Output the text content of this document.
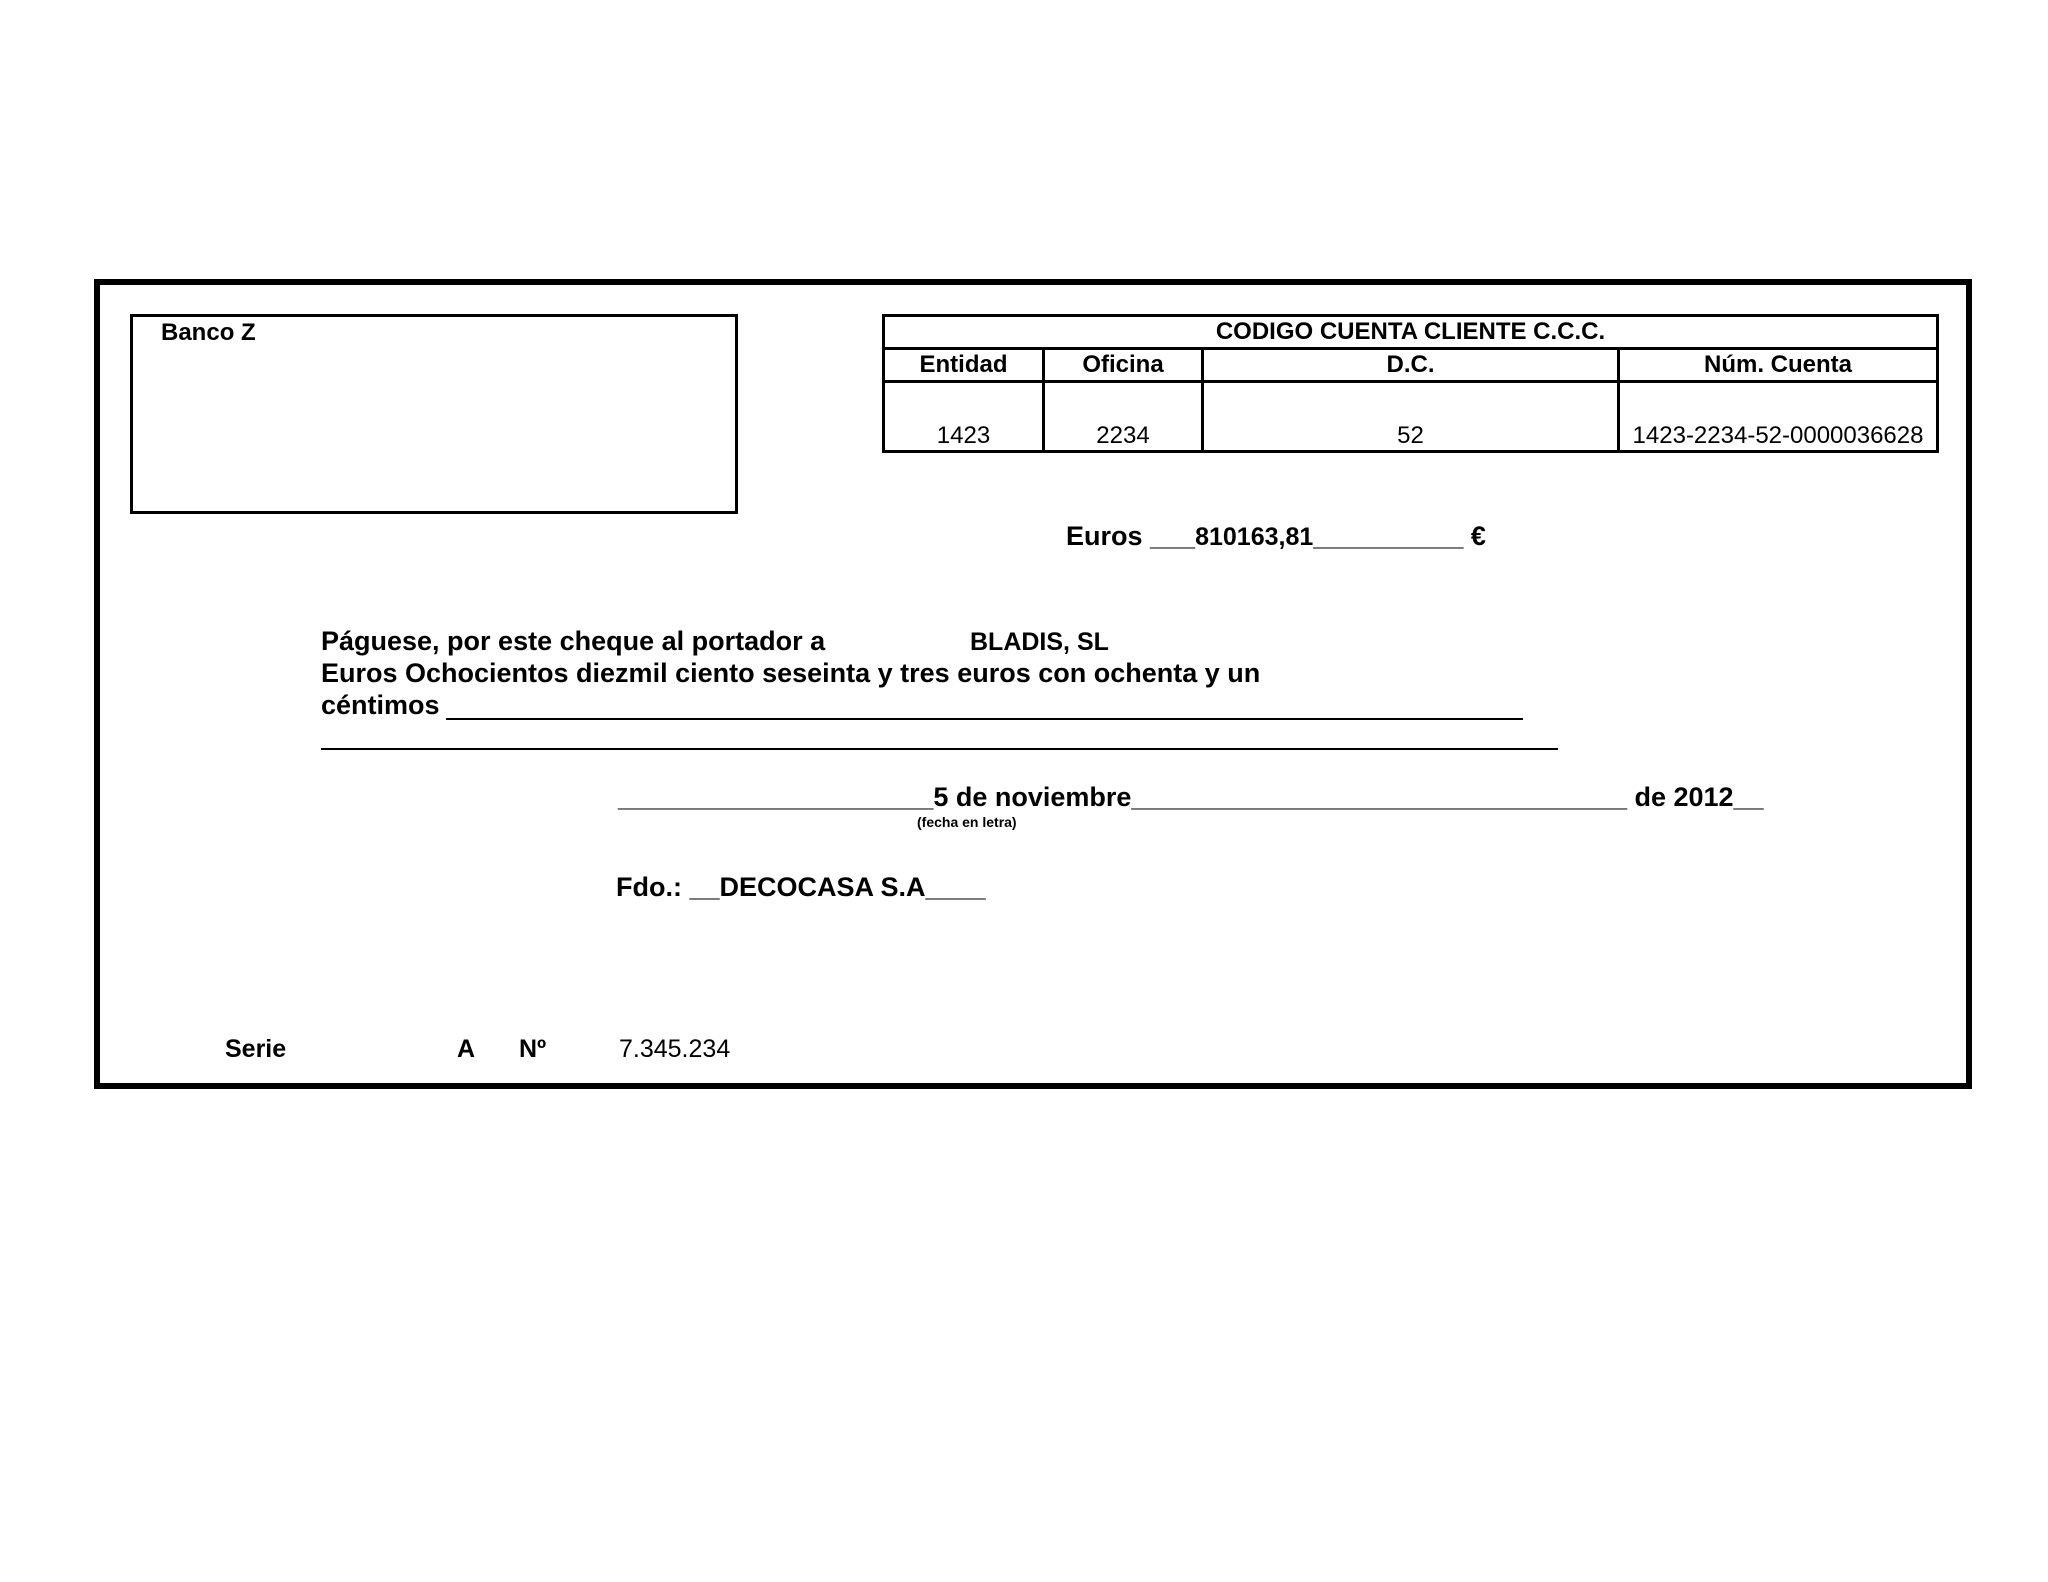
Banco Z	CODIGO CUENTA CLIENTE C.C.C.			
Entidad	Oficina	D.C.	Núm. Cuenta
1423	2234	52	1423-2234-52-0000036628
Euros ___810163,81__________ €
Páguese, por este cheque al portador a	BLADIS, SL
Euros Ochocientos diezmil ciento seseinta y tres euros con ochenta y un
céntimos
_____________________5 de noviembre_________________________________ de 2012__
(fecha en letra)
Fdo.: __DECOCASA S.A____
Serie	A Nº	7.345.234
